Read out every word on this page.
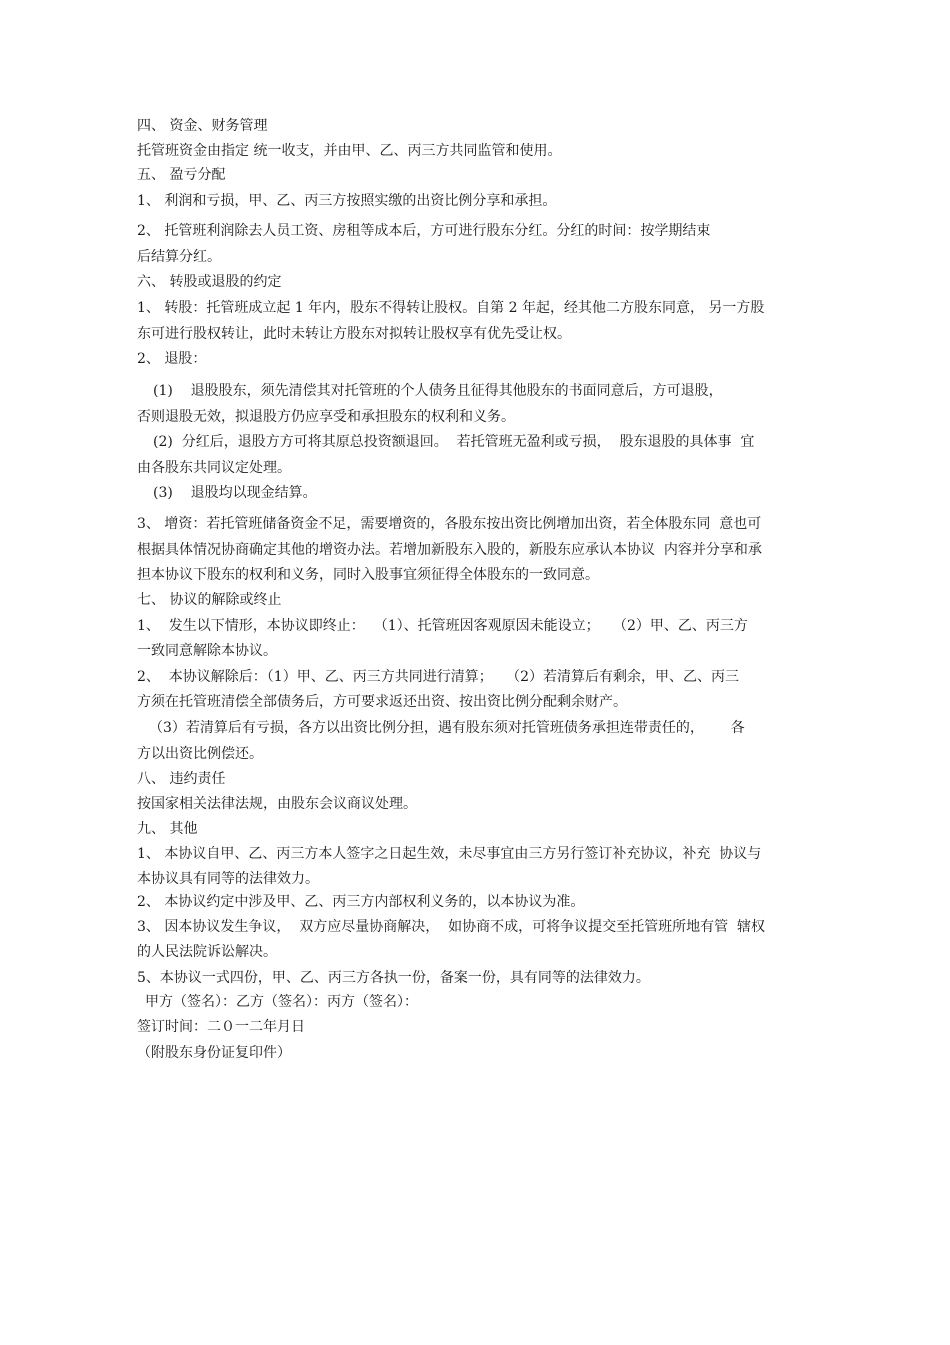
四、 资金、财务管理
托管班资金由指定 统一收支，并由甲、乙、丙三方共同监管和使用。
五、 盈亏分配
1、 利润和亏损，甲、乙、丙三方按照实缴的出资比例分享和承担。
2、 托管班利润除去人员工资、房租等成本后，方可进行股东分红。分红的时间：按学期结束
后结算分红。
六、 转股或退股的约定
1、 转股：托管班成立起 1 年内，股东不得转让股权。自第 2 年起，经其他二方股东同意， 另一方股
东可进行股权转让，此时未转让方股东对拟转让股权享有优先受让权。
2、 退股：
(1)    退股股东，须先清偿其对托管班的个人债务且征得其他股东的书面同意后，方可退股，
否则退股无效，拟退股方仍应享受和承担股东的权利和义务。
(2)  分红后，退股方方可将其原总投资额退回。  若托管班无盈利或亏损，  股东退股的具体事  宜
由各股东共同议定处理。
(3)    退股均以现金结算。
3、 增资：若托管班储备资金不足，需要增资的，各股东按出资比例增加出资，若全体股东同  意也可
根据具体情况协商确定其他的增资办法。若增加新股东入股的，新股东应承认本协议  内容并分享和承
担本协议下股东的权利和义务，同时入股事宜须征得全体股东的一致同意。
七、 协议的解除或终止
1、  发生以下情形，本协议即终止：  （1）、托管班因客观原因未能设立；   （2）甲、乙、丙三方
一致同意解除本协议。
2、  本协议解除后：（1）甲、乙、丙三方共同进行清算；   （2）若清算后有剩余，甲、乙、丙三
方须在托管班清偿全部债务后，方可要求返还出资、按出资比例分配剩余财产。
（3）若清算后有亏损，各方以出资比例分担，遇有股东须对托管班债务承担连带责任的，      各
方以出资比例偿还。
八、 违约责任
按国家相关法律法规，由股东会议商议处理。
九、 其他
1、 本协议自甲、乙、丙三方本人签字之日起生效，未尽事宜由三方另行签订补充协议，补充  协议与
本协议具有同等的法律效力。
2、 本协议约定中涉及甲、乙、丙三方内部权利义务的，以本协议为准。
3、 因本协议发生争议，  双方应尽量协商解决，  如协商不成，可将争议提交至托管班所地有管  辖权
的人民法院诉讼解决。
5、本协议一式四份，甲、乙、丙三方各执一份，备案一份，具有同等的法律效力。
甲方（签名）：乙方（签名）：丙方（签名）：
签订时间：二０一二年月日
（附股东身份证复印件）
